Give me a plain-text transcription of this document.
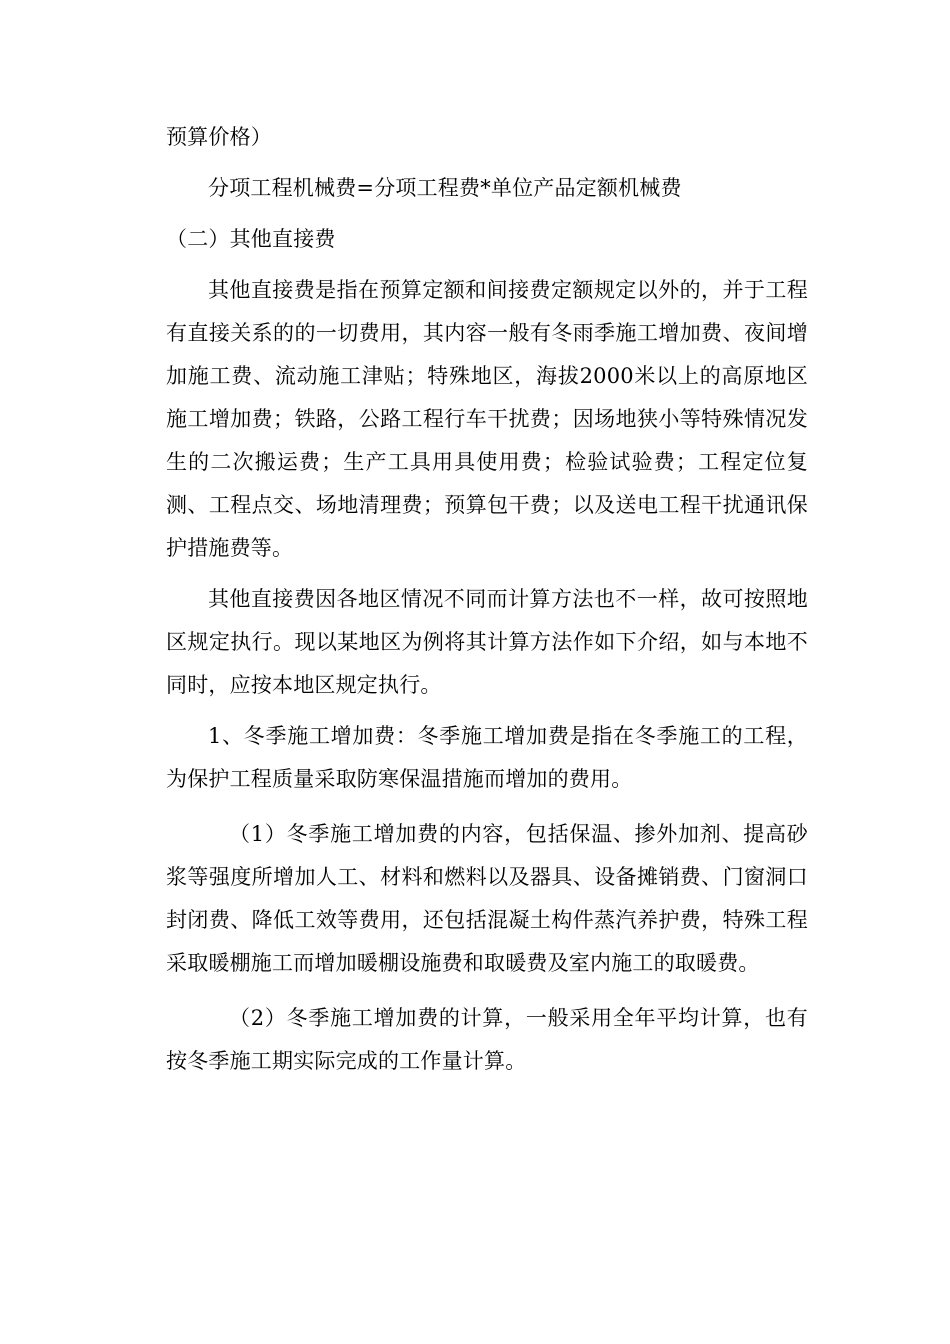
预算价格）

分项工程机械费=分项工程费*单位产品定额机械费

（二）其他直接费

其他直接费是指在预算定额和间接费定额规定以外的，并于工程有直接关系的的一切费用，其内容一般有冬雨季施工增加费、夜间增加施工费、流动施工津贴；特殊地区，海拔2000米以上的高原地区施工增加费；铁路，公路工程行车干扰费；因场地狭小等特殊情况发生的二次搬运费；生产工具用具使用费；检验试验费；工程定位复测、工程点交、场地清理费；预算包干费；以及送电工程干扰通讯保护措施费等。

其他直接费因各地区情况不同而计算方法也不一样，故可按照地区规定执行。现以某地区为例将其计算方法作如下介绍，如与本地不同时，应按本地区规定执行。

1、冬季施工增加费：冬季施工增加费是指在冬季施工的工程，为保护工程质量采取防寒保温措施而增加的费用。

（1）冬季施工增加费的内容，包括保温、掺外加剂、提高砂浆等强度所增加人工、材料和燃料以及器具、设备摊销费、门窗洞口封闭费、降低工效等费用，还包括混凝土构件蒸汽养护费，特殊工程采取暖棚施工而增加暖棚设施费和取暖费及室内施工的取暖费。

（2）冬季施工增加费的计算，一般采用全年平均计算，也有按冬季施工期实际完成的工作量计算。
